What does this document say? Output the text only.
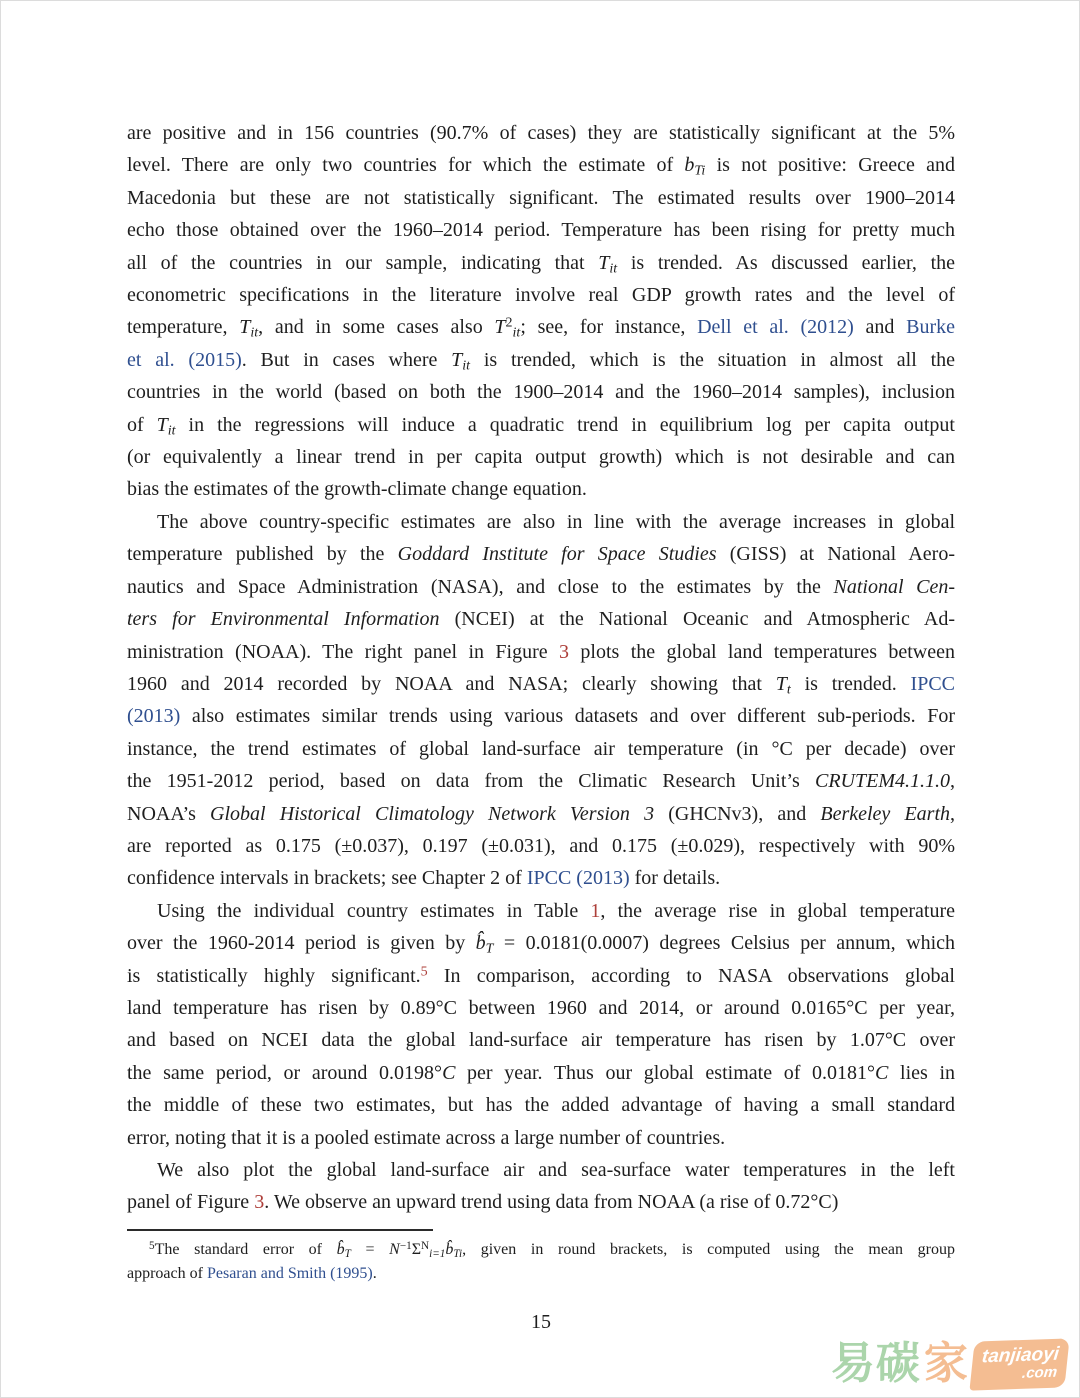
are positive and in 156 countries (90.7% of cases) they are statistically significant at the 5%
level. There are only two countries for which the estimate of $b_{Ti}$ is not positive: Greece and
Macedonia but these are not statistically significant. The estimated results over 1900–2014
echo those obtained over the 1960–2014 period. Temperature has been rising for pretty much
all of the countries in our sample, indicating that $T_{it}$ is trended. As discussed earlier, the
econometric specifications in the literature involve real GDP growth rates and the level of
temperature, $T_{it}$, and in some cases also $T^2_{it}$; see, for instance, Dell et al. (2012) and Burke
et al. (2015). But in cases where $T_{it}$ is trended, which is the situation in almost all the
countries in the world (based on both the 1900–2014 and the 1960–2014 samples), inclusion
of $T_{it}$ in the regressions will induce a quadratic trend in equilibrium log per capita output
(or equivalently a linear trend in per capita output growth) which is not desirable and can
bias the estimates of the growth-climate change equation.
The above country-specific estimates are also in line with the average increases in global
temperature published by the Goddard Institute for Space Studies (GISS) at National Aero-
nautics and Space Administration (NASA), and close to the estimates by the National Cen-
ters for Environmental Information (NCEI) at the National Oceanic and Atmospheric Ad-
ministration (NOAA). The right panel in Figure 3 plots the global land temperatures between
1960 and 2014 recorded by NOAA and NASA; clearly showing that $T_t$ is trended. IPCC
(2013) also estimates similar trends using various datasets and over different sub-periods. For
instance, the trend estimates of global land-surface air temperature (in °C per decade) over
the 1951-2012 period, based on data from the Climatic Research Unit’s CRUTEM4.1.1.0,
NOAA’s Global Historical Climatology Network Version 3 (GHCNv3), and Berkeley Earth,
are reported as 0.175 (±0.037), 0.197 (±0.031), and 0.175 (±0.029), respectively with 90%
confidence intervals in brackets; see Chapter 2 of IPCC (2013) for details.
Using the individual country estimates in Table 1, the average rise in global temperature
over the 1960-2014 period is given by $b̂_T = 0.0181(0.0007)$ degrees Celsius per annum, which
is statistically highly significant.$^5$ In comparison, according to NASA observations global
land temperature has risen by 0.89°C between 1960 and 2014, or around 0.0165°C per year,
and based on NCEI data the global land-surface air temperature has risen by 1.07°C over
the same period, or around 0.0198°C per year. Thus our global estimate of 0.0181°C lies in
the middle of these two estimates, but has the added advantage of having a small standard
error, noting that it is a pooled estimate across a large number of countries.
We also plot the global land-surface air and sea-surface water temperatures in the left
panel of Figure 3. We observe an upward trend using data from NOAA (a rise of 0.72°C)
$^5$The standard error of $b̂_T$ = $N^{-1}\Sigma^N_{i=1}b̂_{Ti}$, given in round brackets, is computed using the mean group
approach of Pesaran and Smith (1995).
15
易碳 家 tanjiaoyi
.com
